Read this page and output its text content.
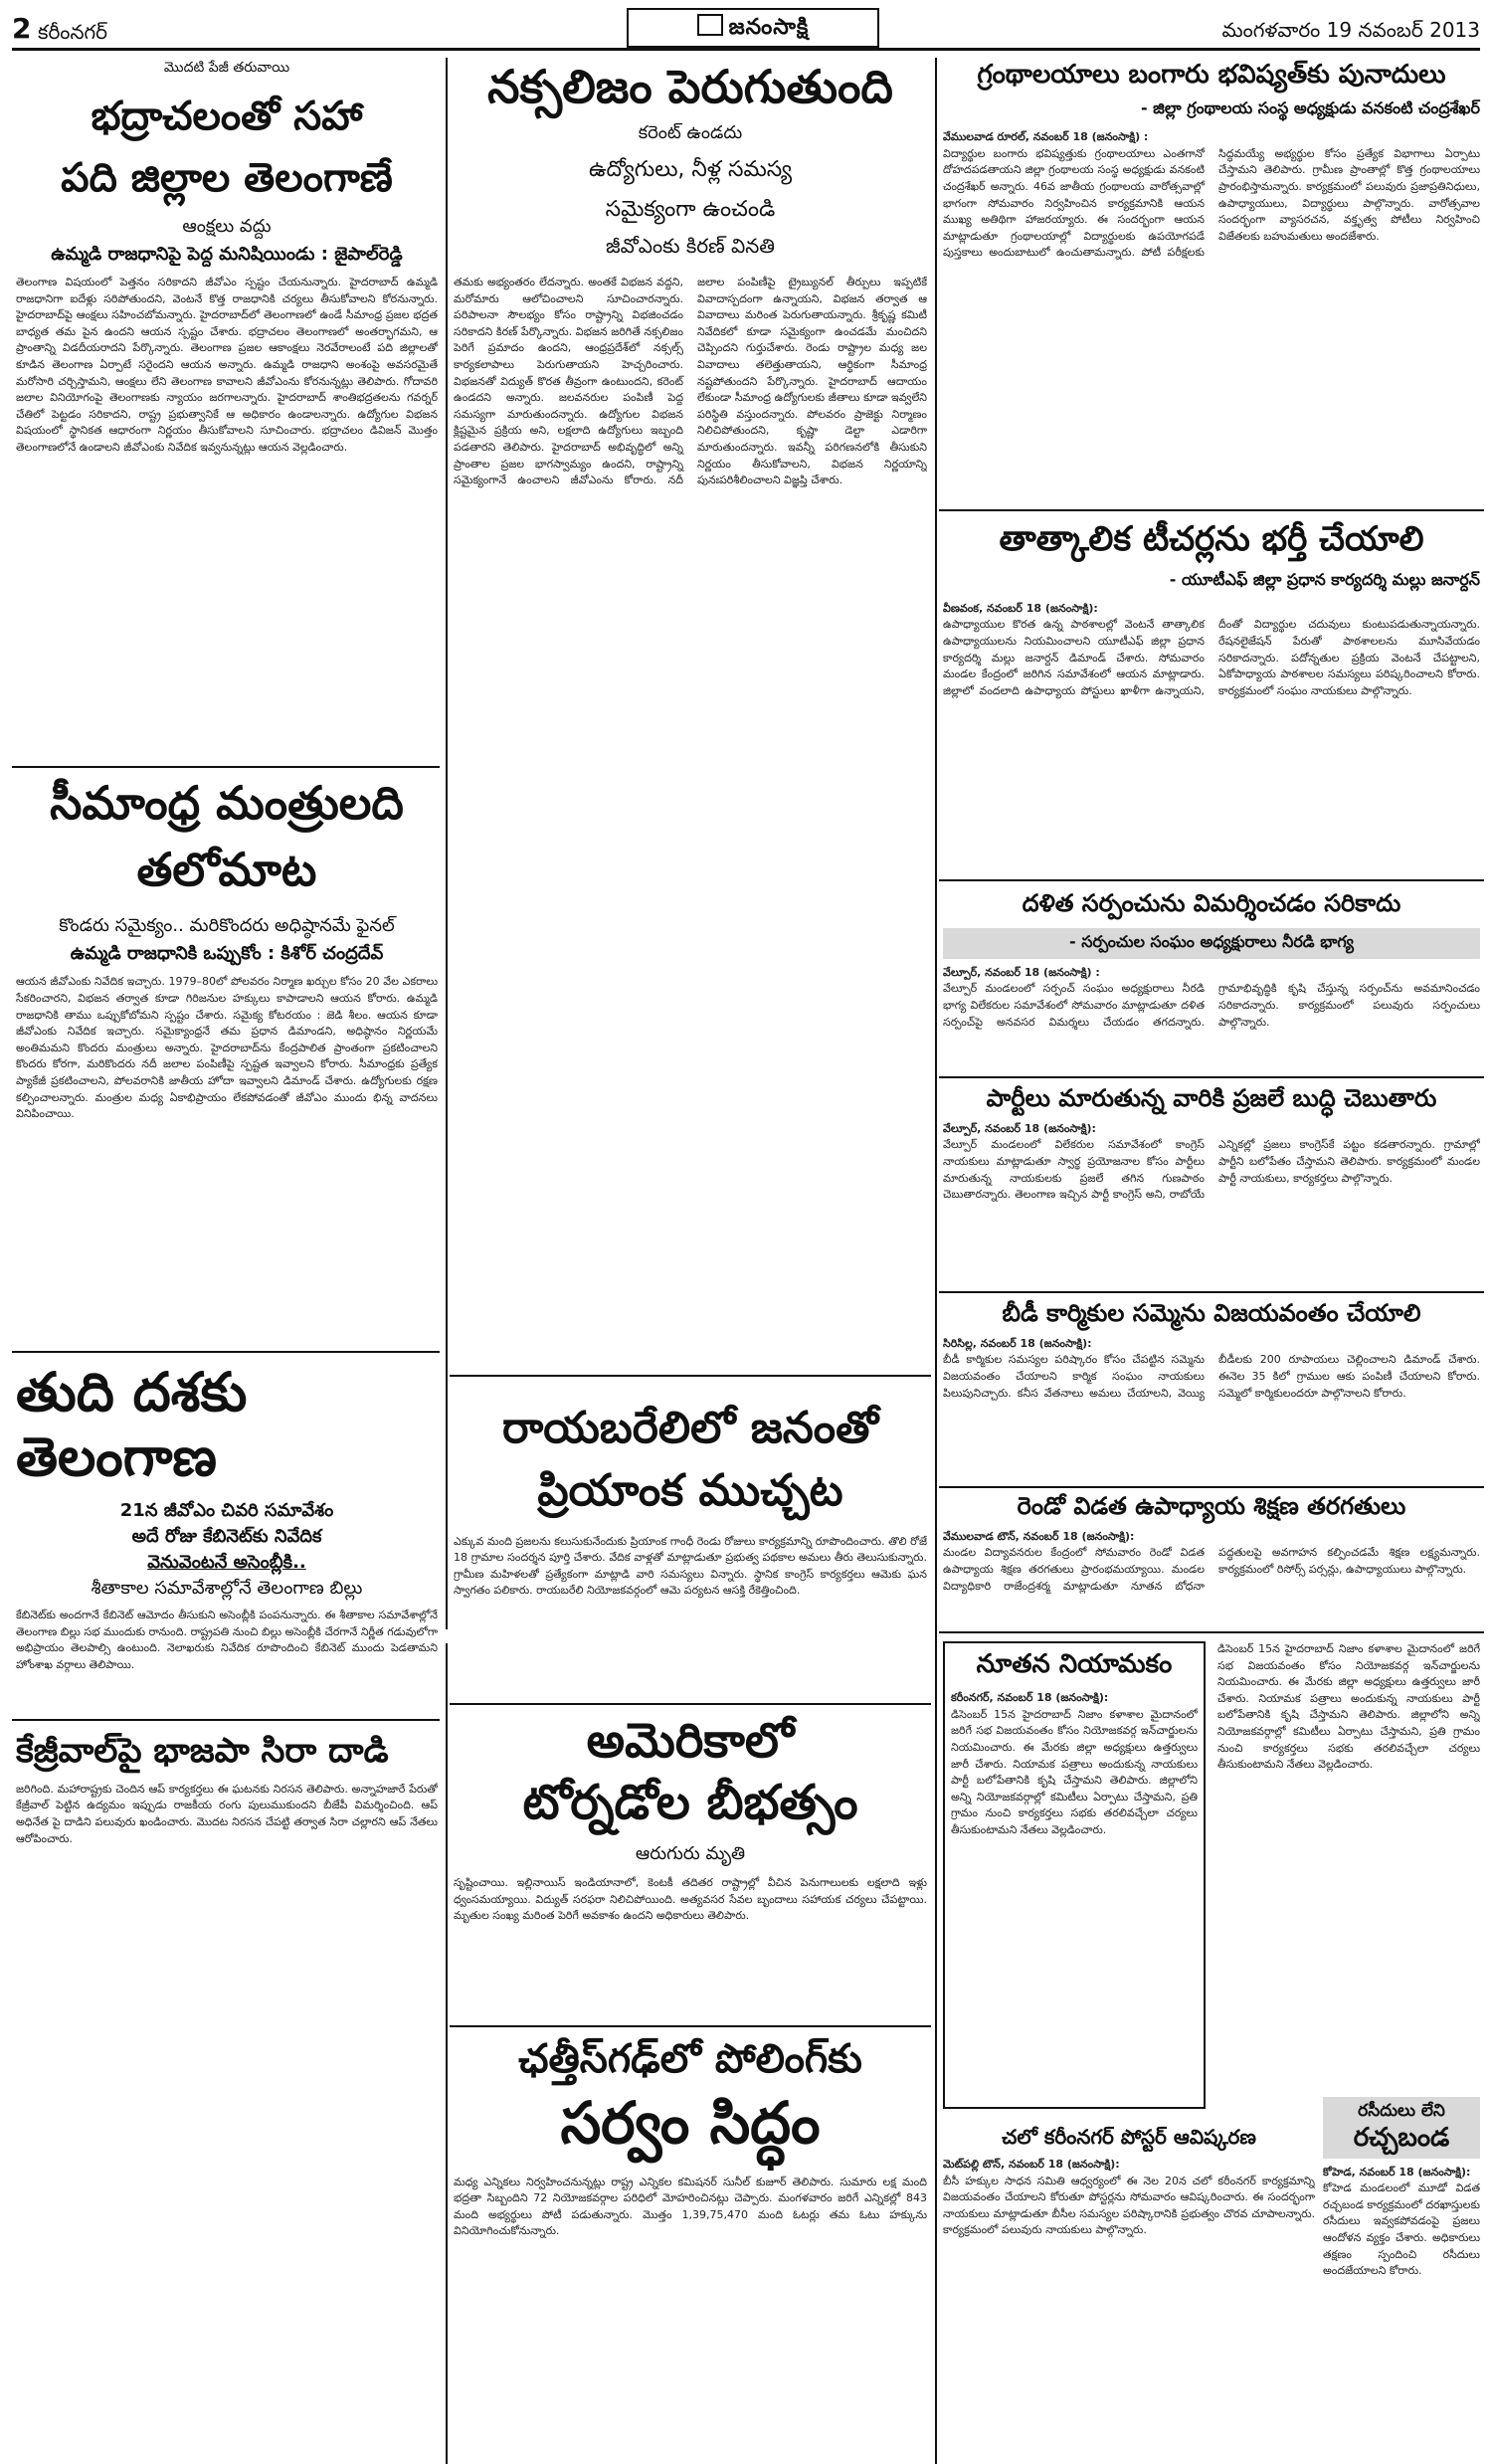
2 కరీంనగర్	జనంసాక్షి	మంగళవారం 19 నవంబర్ 2013
మొదటి పేజీ తరువాయి
భద్రాచలంతో సహా
పది జిల్లాల తెలంగాణే
ఆంక్షలు వద్దు
ఉమ్మడి రాజధానిపై పెద్ద మనిషియిండు : జైపాల్‌రెడ్డి
తెలంగాణ విషయంలో పెత్తనం సరికాదని జీవోఎం స్పష్టం చేయనున్నారు. హైదరాబాద్ ఉమ్మడి రాజధానిగా ఐదేళ్లు సరిపోతుందని, వెంటనే కొత్త రాజధానికి చర్యలు తీసుకోవాలని కోరనున్నారు. హైదరాబాద్‌పై ఆంక్షలు సహించబోమన్నారు. హైదరాబాద్‌లో తెలంగాణలో ఉండే సీమాంధ్ర ప్రజల భద్రత బాధ్యత తమ పైన ఉందని ఆయన స్పష్టం చేశారు. భద్రాచలం తెలంగాణలో అంతర్భాగమని, ఆ ప్రాంతాన్ని విడదీయరాదని పేర్కొన్నారు. తెలంగాణ ప్రజల ఆకాంక్షలు నెరవేరాలంటే పది జిల్లాలతో కూడిన తెలంగాణ ఏర్పాటే సరైందని ఆయన అన్నారు. ఉమ్మడి రాజధాని అంశంపై అవసరమైతే మరోసారి చర్చిస్తామని, ఆంక్షలు లేని తెలంగాణ కావాలని జీవోఎంను కోరనున్నట్లు తెలిపారు. గోదావరి జలాల వినియోగంపై తెలంగాణకు న్యాయం జరగాలన్నారు. హైదరాబాద్ శాంతిభద్రతలను గవర్నర్ చేతిలో పెట్టడం సరికాదని, రాష్ట్ర ప్రభుత్వానికే ఆ అధికారం ఉండాలన్నారు. ఉద్యోగుల విభజన విషయంలో స్థానికత ఆధారంగా నిర్ణయం తీసుకోవాలని సూచించారు. భద్రాచలం డివిజన్ మొత్తం తెలంగాణలోనే ఉండాలని జీవోఎంకు నివేదిక ఇవ్వనున్నట్లు ఆయన వెల్లడించారు.
సీమాంధ్ర మంత్రులది
తలోమాట
కొండరు సమైక్యం.. మరికొందరు అధిష్ఠానమే ఫైనల్
ఉమ్మడి రాజధానికి ఒప్పుకోం : కిశోర్ చంద్రదేవ్
ఆయన జీవోఎంకు నివేదిక ఇచ్చారు. 1979–80లో పోలవరం నిర్మాణ ఖర్చుల కోసం 20 వేల ఎకరాలు సేకరించారని, విభజన తర్వాత కూడా గిరిజనుల హక్కులు కాపాడాలని ఆయన కోరారు. ఉమ్మడి రాజధానికి తాము ఒప్పుకోబోమని స్పష్టం చేశారు. సమైక్య కోటరయం : జెడి శీలం. ఆయన కూడా జీవోఎంకు నివేదిక ఇచ్చారు. సమైక్యాంధ్రనే తమ ప్రధాన డిమాండని, అధిష్ఠానం నిర్ణయమే అంతిమమని కొందరు మంత్రులు అన్నారు. హైదరాబాద్‌ను కేంద్రపాలిత ప్రాంతంగా ప్రకటించాలని కొందరు కోరగా, మరికొందరు నదీ జలాల పంపిణీపై స్పష్టత ఇవ్వాలని కోరారు. సీమాంధ్రకు ప్రత్యేక ప్యాకేజీ ప్రకటించాలని, పోలవరానికి జాతీయ హోదా ఇవ్వాలని డిమాండ్ చేశారు. ఉద్యోగులకు రక్షణ కల్పించాలన్నారు. మంత్రుల మధ్య ఏకాభిప్రాయం లేకపోవడంతో జీవోఎం ముందు భిన్న వాదనలు వినిపించాయి.
తుది దశకు తెలంగాణ
21న జీవోఎం చివరి సమావేశం
అదే రోజు కేబినెట్‌కు నివేదిక
వెనువెంటనే అసెంబ్లీకి..
శీతాకాల సమావేశాల్లోనే తెలంగాణ బిల్లు
కేబినెట్‌కు అందగానే కేబినెట్ ఆమోదం తీసుకుని అసెంబ్లీకి పంపనున్నారు. ఈ శీతాకాల సమావేశాల్లోనే తెలంగాణ బిల్లు సభ ముందుకు రానుంది. రాష్ట్రపతి నుంచి బిల్లు అసెంబ్లీకి చేరగానే నిర్ణీత గడువులోగా అభిప్రాయం తెలపాల్సి ఉంటుంది. నెలాఖరుకు నివేదిక రూపొందించి కేబినెట్ ముందు పెడతామని హోంశాఖ వర్గాలు తెలిపాయి.
కేజ్రీవాల్‌పై భాజపా సిరా దాడి
జరిగింది. మహారాష్ట్రకు చెందిన ఆప్ కార్యకర్తలు ఈ ఘటనకు నిరసన తెలిపారు. అన్నాహజారే పేరుతో కేజ్రీవాల్ పెట్టిన ఉద్యమం ఇప్పుడు రాజకీయ రంగు పులుముకుందని బీజేపీ విమర్శించింది. ఆప్ అధినేత పై దాడిని పలువురు ఖండించారు. మొదట నిరసన చేపట్టి తర్వాత సిరా చల్లారని ఆప్ నేతలు ఆరోపించారు.
నక్సలిజం పెరుగుతుంది
కరెంట్ ఉండదు
ఉద్యోగులు, నీళ్ల సమస్య
సమైక్యంగా ఉంచండి
జీవోఎంకు కిరణ్ వినతి
తమకు అభ్యంతరం లేదన్నారు. అంతకే విభజన వద్దని, మరోమారు ఆలోచించాలని సూచించారన్నారు. పరిపాలనా సౌలభ్యం కోసం రాష్ట్రాన్ని విభజించడం సరికాదని కిరణ్ పేర్కొన్నారు. విభజన జరిగితే నక్సలిజం పెరిగే ప్రమాదం ఉందని, ఆంధ్రప్రదేశ్‌లో నక్సల్స్ కార్యకలాపాలు పెరుగుతాయని హెచ్చరించారు. విభజనతో విద్యుత్ కొరత తీవ్రంగా ఉంటుందని, కరెంట్ ఉండదని అన్నారు. జలవనరుల పంపిణీ పెద్ద సమస్యగా మారుతుందన్నారు. ఉద్యోగుల విభజన క్లిష్టమైన ప్రక్రియ అని, లక్షలాది ఉద్యోగులు ఇబ్బంది పడతారని తెలిపారు. హైదరాబాద్ అభివృద్ధిలో అన్ని ప్రాంతాల ప్రజల భాగస్వామ్యం ఉందని, రాష్ట్రాన్ని సమైక్యంగానే ఉంచాలని జీవోఎంను కోరారు. నదీ జలాల పంపిణీపై ట్రైబ్యునల్ తీర్పులు ఇప్పటికే వివాదాస్పదంగా ఉన్నాయని, విభజన తర్వాత ఆ వివాదాలు మరింత పెరుగుతాయన్నారు. శ్రీకృష్ణ కమిటీ నివేదికలో కూడా సమైక్యంగా ఉంచడమే మంచిదని చెప్పిందని గుర్తుచేశారు. రెండు రాష్ట్రాల మధ్య జల వివాదాలు తలెత్తుతాయని, ఆర్థికంగా సీమాంధ్ర నష్టపోతుందని పేర్కొన్నారు. హైదరాబాద్ ఆదాయం లేకుండా సీమాంధ్ర ఉద్యోగులకు జీతాలు కూడా ఇవ్వలేని పరిస్థితి వస్తుందన్నారు. పోలవరం ప్రాజెక్టు నిర్మాణం నిలిచిపోతుందని, కృష్ణా డెల్టా ఎడారిగా మారుతుందన్నారు. ఇవన్నీ పరిగణనలోకి తీసుకుని నిర్ణయం తీసుకోవాలని, విభజన నిర్ణయాన్ని పునఃపరిశీలించాలని విజ్ఞప్తి చేశారు.
రాయబరేలిలో జనంతో
ప్రియాంక ముచ్చట
ఎక్కువ మంది ప్రజలను కలుసుకునేందుకు ప్రియాంక గాంధీ రెండు రోజులు కార్యక్రమాన్ని రూపొందించారు. తొలి రోజే 18 గ్రామాల సందర్శన పూర్తి చేశారు. వేదిక వాళ్లతో మాట్లాడుతూ ప్రభుత్వ పథకాల అమలు తీరు తెలుసుకున్నారు. గ్రామీణ మహిళలతో ప్రత్యేకంగా మాట్లాడి వారి సమస్యలు విన్నారు. స్థానిక కాంగ్రెస్ కార్యకర్తలు ఆమెకు ఘన స్వాగతం పలికారు. రాయబరేలి నియోజకవర్గంలో ఆమె పర్యటన ఆసక్తి రేకెత్తించింది.
అమెరికాలో
టోర్నడోల బీభత్సం
ఆరుగురు మృతి
సృష్టించాయి. ఇల్లినాయిస్ ఇండియానాలో, కెంటకీ తదితర రాష్ట్రాల్లో వీచిన పెనుగాలులకు లక్షలాది ఇళ్లు ధ్వంసమయ్యాయి. విద్యుత్ సరఫరా నిలిచిపోయింది. అత్యవసర సేవల బృందాలు సహాయక చర్యలు చేపట్టాయి. మృతుల సంఖ్య మరింత పెరిగే అవకాశం ఉందని అధికారులు తెలిపారు.
ఛత్తీస్‌గఢ్‌లో పోలింగ్‌కు
సర్వం సిద్ధం
మధ్య ఎన్నికలు నిర్వహించనున్నట్లు రాష్ట్ర ఎన్నికల కమిషనర్ సునీల్ కుజూర్ తెలిపారు. సుమారు లక్ష మంది భద్రతా సిబ్బందిని 72 నియోజకవర్గాల పరిధిలో మోహరించినట్లు చెప్పారు. మంగళవారం జరిగే ఎన్నికల్లో 843 మంది అభ్యర్థులు పోటీ పడుతున్నారు. మొత్తం 1,39,75,470 మంది ఓటర్లు తమ ఓటు హక్కును వినియోగించుకోనున్నారు.
గ్రంథాలయాలు బంగారు భవిష్యత్‌కు పునాదులు
- జిల్లా గ్రంథాలయ సంస్థ అధ్యక్షుడు వనకంటి చంద్రశేఖర్
వేములవాడ రూరల్, నవంబర్ 18 (జనంసాక్షి) :
విద్యార్థుల బంగారు భవిష్యత్తుకు గ్రంథాలయాలు ఎంతగానో దోహదపడతాయని జిల్లా గ్రంథాలయ సంస్థ అధ్యక్షుడు వనకంటి చంద్రశేఖర్ అన్నారు. 46వ జాతీయ గ్రంథాలయ వారోత్సవాల్లో భాగంగా సోమవారం నిర్వహించిన కార్యక్రమానికి ఆయన ముఖ్య అతిథిగా హాజరయ్యారు. ఈ సందర్భంగా ఆయన మాట్లాడుతూ గ్రంథాలయాల్లో విద్యార్థులకు ఉపయోగపడే పుస్తకాలు అందుబాటులో ఉంచుతామన్నారు. పోటీ పరీక్షలకు సిద్ధమయ్యే అభ్యర్థుల కోసం ప్రత్యేక విభాగాలు ఏర్పాటు చేస్తామని తెలిపారు. గ్రామీణ ప్రాంతాల్లో కొత్త గ్రంథాలయాలు ప్రారంభిస్తామన్నారు. కార్యక్రమంలో పలువురు ప్రజాప్రతినిధులు, ఉపాధ్యాయులు, విద్యార్థులు పాల్గొన్నారు. వారోత్సవాల సందర్భంగా వ్యాసరచన, వక్తృత్వ పోటీలు నిర్వహించి విజేతలకు బహుమతులు అందజేశారు.
తాత్కాలిక టీచర్లను భర్తీ చేయాలి
- యూటీఎఫ్ జిల్లా ప్రధాన కార్యదర్శి మల్లు జనార్దన్
వీణవంక, నవంబర్ 18 (జనంసాక్షి):
ఉపాధ్యాయుల కొరత ఉన్న పాఠశాలల్లో వెంటనే తాత్కాలిక ఉపాధ్యాయులను నియమించాలని యూటీఎఫ్ జిల్లా ప్రధాన కార్యదర్శి మల్లు జనార్దన్ డిమాండ్ చేశారు. సోమవారం మండల కేంద్రంలో జరిగిన సమావేశంలో ఆయన మాట్లాడారు. జిల్లాలో వందలాది ఉపాధ్యాయ పోస్టులు ఖాళీగా ఉన్నాయని, దీంతో విద్యార్థుల చదువులు కుంటుపడుతున్నాయన్నారు. రేషనలైజేషన్ పేరుతో పాఠశాలలను మూసివేయడం సరికాదన్నారు. పదోన్నతుల ప్రక్రియ వెంటనే చేపట్టాలని, ఏకోపాధ్యాయ పాఠశాలల సమస్యలు పరిష్కరించాలని కోరారు. కార్యక్రమంలో సంఘం నాయకులు పాల్గొన్నారు.
దళిత సర్పంచును విమర్శించడం సరికాదు
- సర్పంచుల సంఘం అధ్యక్షురాలు నీరడి భాగ్య
వేల్పూర్, నవంబర్ 18 (జనంసాక్షి) :
వేల్పూర్ మండలంలో సర్పంచ్ సంఘం అధ్యక్షురాలు నీరడి భాగ్య విలేకరుల సమావేశంలో సోమవారం మాట్లాడుతూ దళిత సర్పంచ్‌పై అనవసర విమర్శలు చేయడం తగదన్నారు. గ్రామాభివృద్ధికి కృషి చేస్తున్న సర్పంచ్‌ను అవమానించడం సరికాదన్నారు. కార్యక్రమంలో పలువురు సర్పంచులు పాల్గొన్నారు.
పార్టీలు మారుతున్న వారికి ప్రజలే బుద్ధి చెబుతారు
వేల్పూర్, నవంబర్ 18 (జనంసాక్షి):
వేల్పూర్ మండలంలో విలేకరుల సమావేశంలో కాంగ్రెస్ నాయకులు మాట్లాడుతూ స్వార్థ ప్రయోజనాల కోసం పార్టీలు మారుతున్న నాయకులకు ప్రజలే తగిన గుణపాఠం చెబుతారన్నారు. తెలంగాణ ఇచ్చిన పార్టీ కాంగ్రెస్ అని, రాబోయే ఎన్నికల్లో ప్రజలు కాంగ్రెస్‌కే పట్టం కడతారన్నారు. గ్రామాల్లో పార్టీని బలోపేతం చేస్తామని తెలిపారు. కార్యక్రమంలో మండల పార్టీ నాయకులు, కార్యకర్తలు పాల్గొన్నారు.
బీడీ కార్మికుల సమ్మెను విజయవంతం చేయాలి
సిరిసిల్ల, నవంబర్ 18 (జనంసాక్షి):
బీడీ కార్మికుల సమస్యల పరిష్కారం కోసం చేపట్టిన సమ్మెను విజయవంతం చేయాలని కార్మిక సంఘం నాయకులు పిలుపునిచ్చారు. కనీస వేతనాలు అమలు చేయాలని, వెయ్యి బీడీలకు 200 రూపాయలు చెల్లించాలని డిమాండ్ చేశారు. ఈనెల 35 కిలో గ్రాముల ఆకు పంపిణీ చేయాలని కోరారు. సమ్మెలో కార్మికులందరూ పాల్గొనాలని కోరారు.
రెండో విడత ఉపాధ్యాయ శిక్షణ తరగతులు
వేములవాడ టౌన్, నవంబర్ 18 (జనంసాక్షి):
మండల విద్యావనరుల కేంద్రంలో సోమవారం రెండో విడత ఉపాధ్యాయ శిక్షణ తరగతులు ప్రారంభమయ్యాయి. మండల విద్యాధికారి రాజేంద్రశర్మ మాట్లాడుతూ నూతన బోధనా పద్ధతులపై అవగాహన కల్పించడమే శిక్షణ లక్ష్యమన్నారు. కార్యక్రమంలో రిసోర్స్ పర్సన్లు, ఉపాధ్యాయులు పాల్గొన్నారు.
నూతన నియామకం
కరీంనగర్, నవంబర్ 18 (జనంసాక్షి):
డిసెంబర్ 15న హైదరాబాద్ నిజాం కళాశాల మైదానంలో జరిగే సభ విజయవంతం కోసం నియోజకవర్గ ఇన్‌చార్జులను నియమించారు. ఈ మేరకు జిల్లా అధ్యక్షులు ఉత్తర్వులు జారీ చేశారు. నియామక పత్రాలు అందుకున్న నాయకులు పార్టీ బలోపేతానికి కృషి చేస్తామని తెలిపారు. జిల్లాలోని అన్ని నియోజకవర్గాల్లో కమిటీలు ఏర్పాటు చేస్తామని, ప్రతి గ్రామం నుంచి కార్యకర్తలు సభకు తరలివచ్చేలా చర్యలు తీసుకుంటామని నేతలు వెల్లడించారు.
డిసెంబర్ 15న హైదరాబాద్ నిజాం కళాశాల మైదానంలో జరిగే సభ విజయవంతం కోసం నియోజకవర్గ ఇన్‌చార్జులను నియమించారు. ఈ మేరకు జిల్లా అధ్యక్షులు ఉత్తర్వులు జారీ చేశారు. నియామక పత్రాలు అందుకున్న నాయకులు పార్టీ బలోపేతానికి కృషి చేస్తామని తెలిపారు. జిల్లాలోని అన్ని నియోజకవర్గాల్లో కమిటీలు ఏర్పాటు చేస్తామని, ప్రతి గ్రామం నుంచి కార్యకర్తలు సభకు తరలివచ్చేలా చర్యలు తీసుకుంటామని నేతలు వెల్లడించారు.
రసీదులు లేని
రచ్చబండ
కోహెడ, నవంబర్ 18 (జనంసాక్షి):
కోహెడ మండలంలో మూడో విడత రచ్చబండ కార్యక్రమంలో దరఖాస్తులకు రసీదులు ఇవ్వకపోవడంపై ప్రజలు ఆందోళన వ్యక్తం చేశారు. అధికారులు తక్షణం స్పందించి రసీదులు అందజేయాలని కోరారు.
చలో కరీంనగర్ పోస్టర్ ఆవిష్కరణ
మెట్‌పల్లి టౌన్, నవంబర్ 18 (జనంసాక్షి):
బీసీ హక్కుల సాధన సమితి ఆధ్వర్యంలో ఈ నెల 20న చలో కరీంనగర్ కార్యక్రమాన్ని విజయవంతం చేయాలని కోరుతూ పోస్టర్లను సోమవారం ఆవిష్కరించారు. ఈ సందర్భంగా నాయకులు మాట్లాడుతూ బీసీల సమస్యల పరిష్కారానికి ప్రభుత్వం చొరవ చూపాలన్నారు. కార్యక్రమంలో పలువురు నాయకులు పాల్గొన్నారు.
